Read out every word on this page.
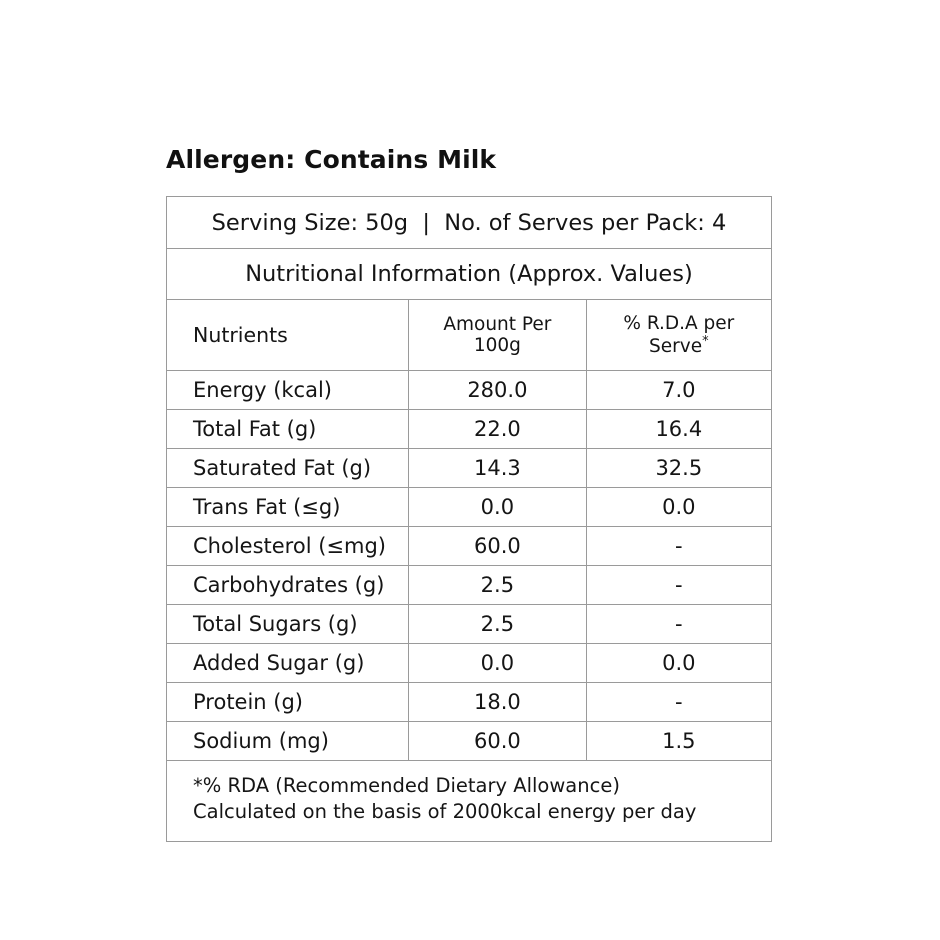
Allergen: Contains Milk
Serving Size: 50g  |  No. of Serves per Pack: 4
Nutritional Information (Approx. Values)
Nutrients	Amount Per 100g	% R.D.A per Serve*
Energy (kcal)	280.0	7.0
Total Fat (g)	22.0	16.4
Saturated Fat (g)	14.3	32.5
Trans Fat (≤g)	0.0	0.0
Cholesterol (≤mg)	60.0	-
Carbohydrates (g)	2.5	-
Total Sugars (g)	2.5	-
Added Sugar (g)	0.0	0.0
Protein (g)	18.0	-
Sodium (mg)	60.0	1.5
*% RDA (Recommended Dietary Allowance)
Calculated on the basis of 2000kcal energy per day
